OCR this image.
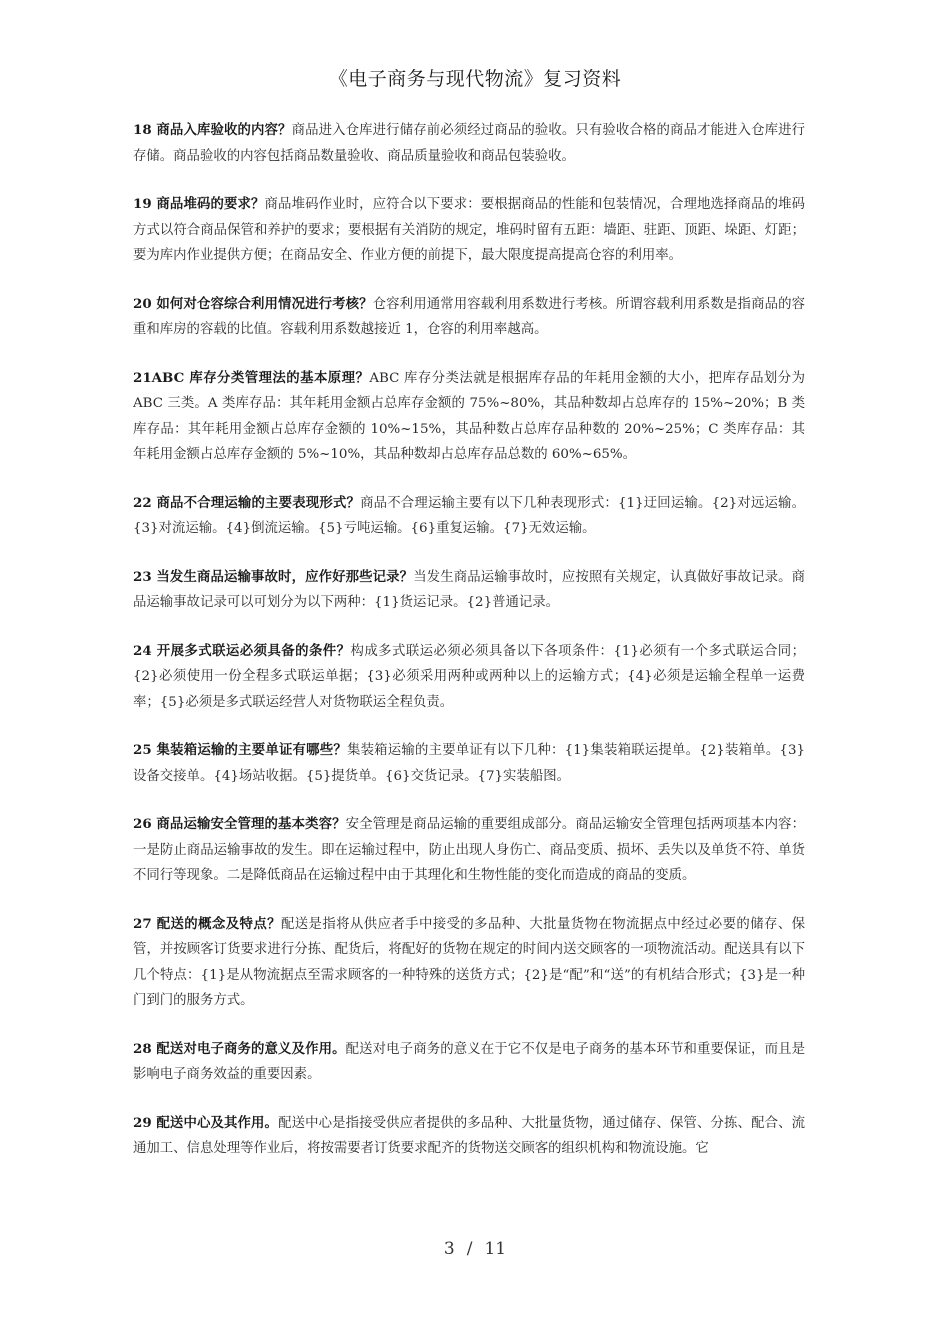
《电子商务与现代物流》复习资料

18 商品入库验收的内容？商品进入仓库进行储存前必须经过商品的验收。只有验收合格的商品才能进入仓库进行存储。商品验收的内容包括商品数量验收、商品质量验收和商品包装验收。

19 商品堆码的要求？商品堆码作业时，应符合以下要求：要根据商品的性能和包装情况，合理地选择商品的堆码方式以符合商品保管和养护的要求；要根据有关消防的规定，堆码时留有五距：墙距、驻距、顶距、垛距、灯距；要为库内作业提供方便；在商品安全、作业方便的前提下，最大限度提高提高仓容的利用率。

20 如何对仓容综合利用情况进行考核？仓容利用通常用容载利用系数进行考核。所谓容载利用系数是指商品的容重和库房的容载的比值。容载利用系数越接近 1，仓容的利用率越高。

21ABC 库存分类管理法的基本原理？ABC 库存分类法就是根据库存品的年耗用金额的大小，把库存品划分为 ABC 三类。A 类库存品：其年耗用金额占总库存金额的 75%~80%，其品种数却占总库存的 15%~20%；B 类库存品：其年耗用金额占总库存金额的 10%~15%，其品种数占总库存品种数的 20%~25%；C 类库存品：其年耗用金额占总库存金额的 5%~10%，其品种数却占总库存品总数的 60%~65%。

22 商品不合理运输的主要表现形式？商品不合理运输主要有以下几种表现形式：{1}迂回运输。{2}对远运输。{3}对流运输。{4}倒流运输。{5}亏吨运输。{6}重复运输。{7}无效运输。

23 当发生商品运输事故时，应作好那些记录？当发生商品运输事故时，应按照有关规定，认真做好事故记录。商品运输事故记录可以可划分为以下两种：{1}货运记录。{2}普通记录。

24 开展多式联运必须具备的条件？构成多式联运必须必须具备以下各项条件：{1}必须有一个多式联运合同；{2}必须使用一份全程多式联运单据；{3}必须采用两种或两种以上的运输方式；{4}必须是运输全程单一运费率；{5}必须是多式联运经营人对货物联运全程负责。

25 集装箱运输的主要单证有哪些？集装箱运输的主要单证有以下几种：{1}集装箱联运提单。{2}装箱单。{3}设备交接单。{4}场站收据。{5}提货单。{6}交货记录。{7}实装船图。

26 商品运输安全管理的基本类容？安全管理是商品运输的重要组成部分。商品运输安全管理包括两项基本内容：一是防止商品运输事故的发生。即在运输过程中，防止出现人身伤亡、商品变质、损坏、丢失以及单货不符、单货不同行等现象。二是降低商品在运输过程中由于其理化和生物性能的变化而造成的商品的变质。

27 配送的概念及特点？配送是指将从供应者手中接受的多品种、大批量货物在物流据点中经过必要的储存、保管，并按顾客订货要求进行分拣、配货后，将配好的货物在规定的时间内送交顾客的一项物流活动。配送具有以下几个特点：{1}是从物流据点至需求顾客的一种特殊的送货方式；{2}是“配”和“送”的有机结合形式；{3}是一种门到门的服务方式。

28 配送对电子商务的意义及作用。配送对电子商务的意义在于它不仅是电子商务的基本环节和重要保证，而且是影响电子商务效益的重要因素。

29 配送中心及其作用。配送中心是指接受供应者提供的多品种、大批量货物，通过储存、保管、分拣、配合、流通加工、信息处理等作业后，将按需要者订货要求配齐的货物送交顾客的组织机构和物流设施。它

3 / 11
